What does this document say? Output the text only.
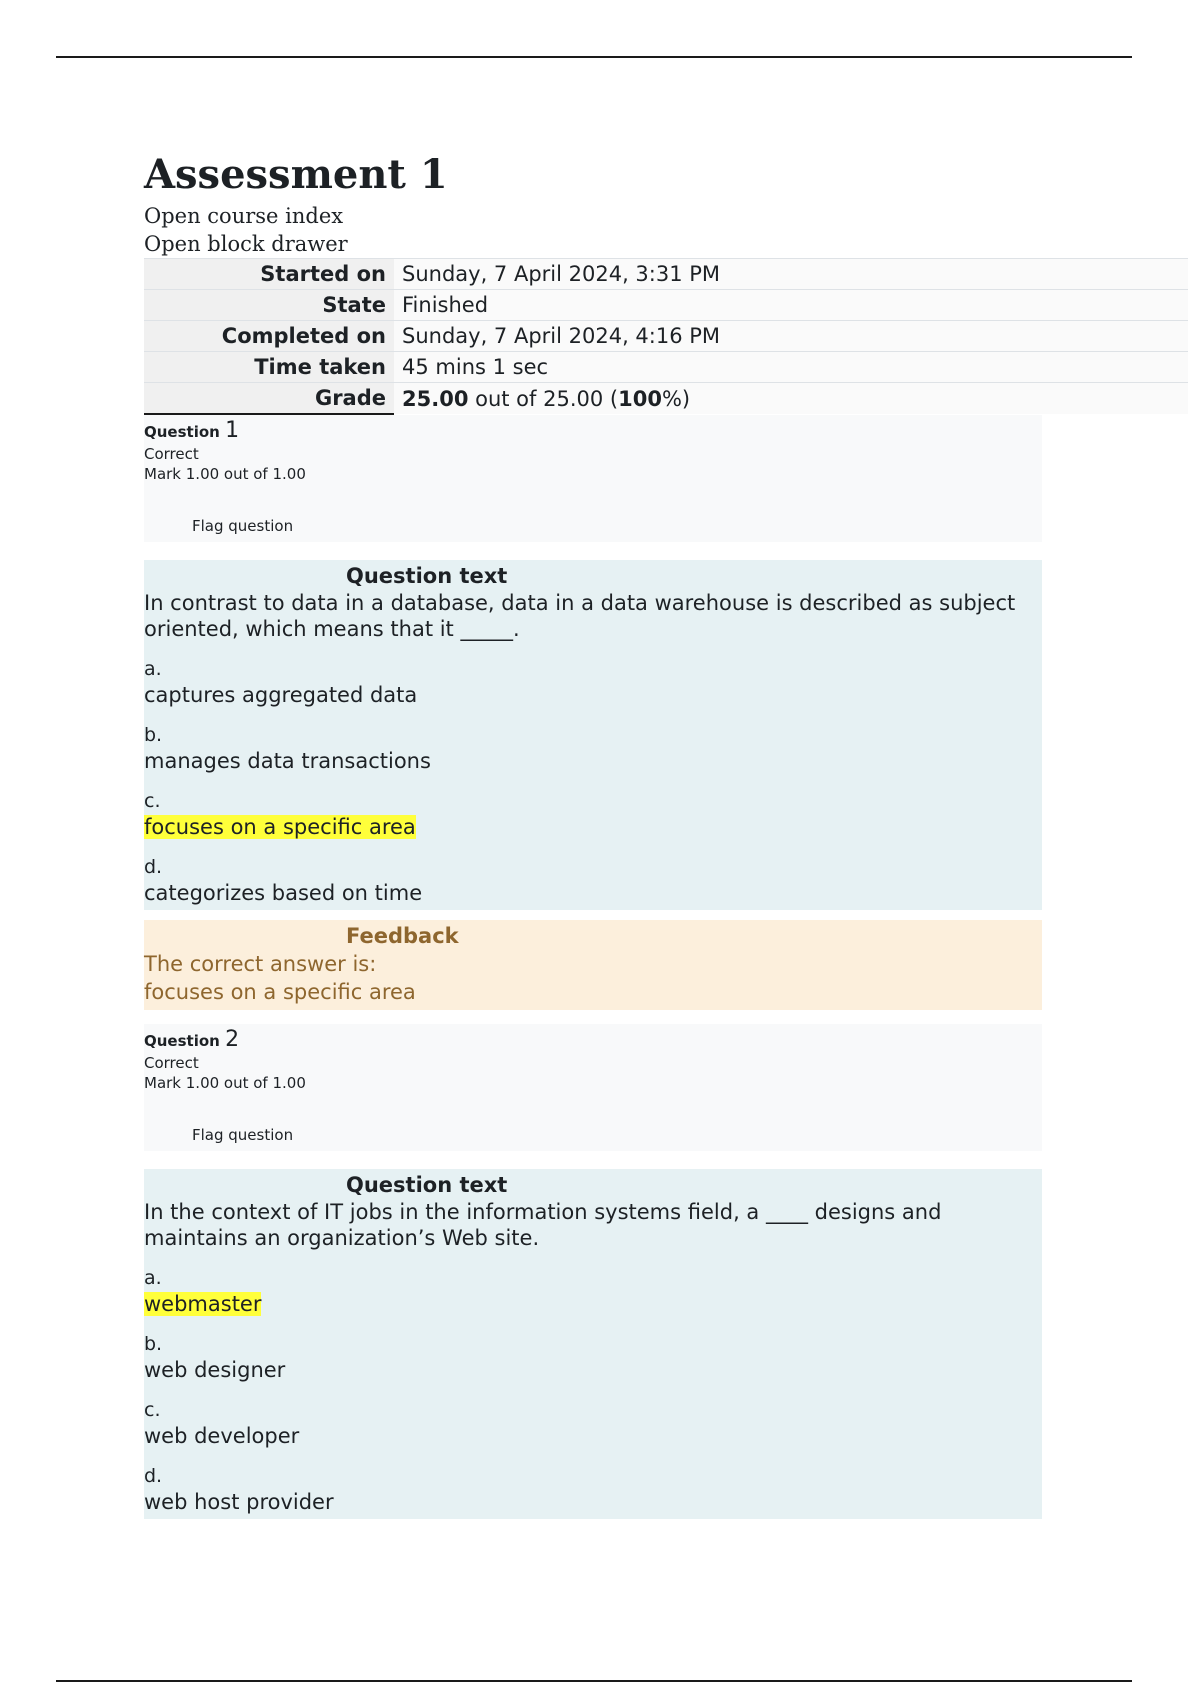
Assessment 1
Open course index
Open block drawer
Started on	Sunday, 7 April 2024, 3:31 PM
State	Finished
Completed on	Sunday, 7 April 2024, 4:16 PM
Time taken	45 mins 1 sec
Grade	25.00 out of 25.00 (100%)
Question 1
Correct
Mark 1.00 out of 1.00
Flag question
Question text
In contrast to data in a database, data in a data warehouse is described as subject oriented, which means that it _____.
a.
captures aggregated data
b.
manages data transactions
c.
focuses on a specific area
d.
categorizes based on time
Feedback
The correct answer is:
focuses on a specific area
Question 2
Correct
Mark 1.00 out of 1.00
Flag question
Question text
In the context of IT jobs in the information systems field, a ____ designs and maintains an organization’s Web site.
a.
webmaster
b.
web designer
c.
web developer
d.
web host provider
